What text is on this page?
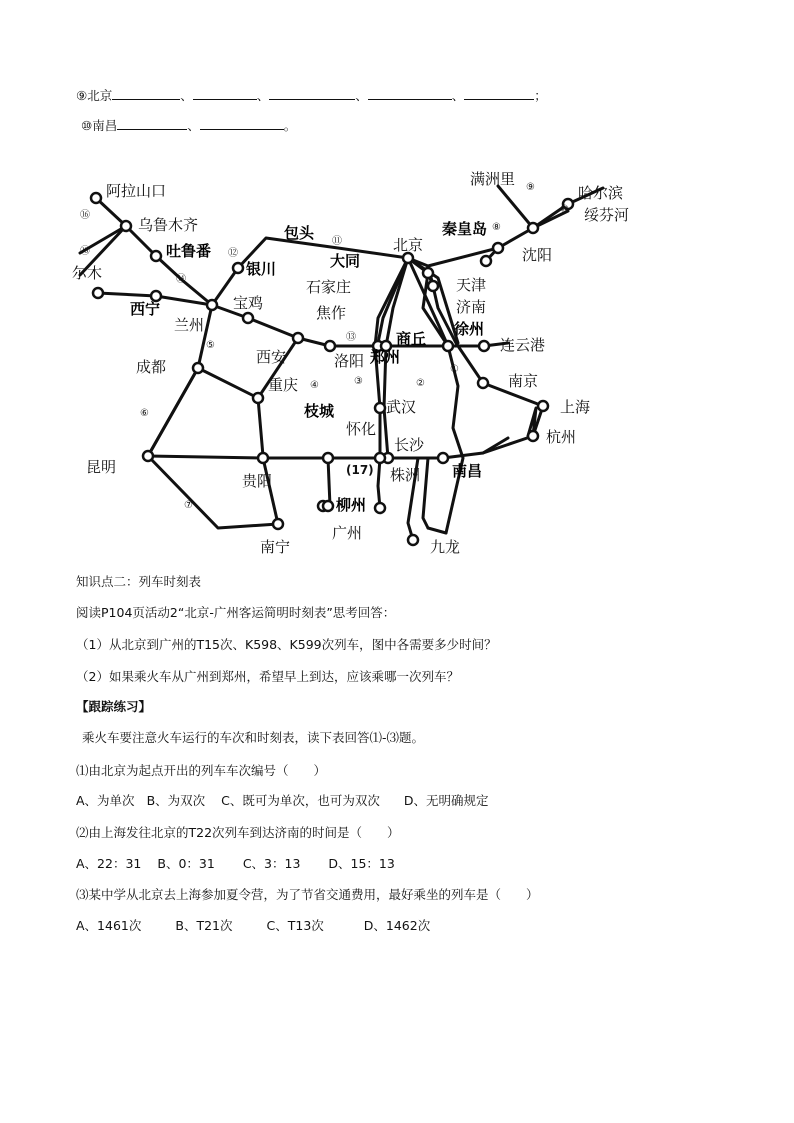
⑨北京	、	、	、	、	；
⑩南昌	、	。
阿拉山口
乌鲁木齐
吐鲁番
尔木
西宁
兰州
宝鸡
银川
包头
大同
北京
秦皇岛
满洲里
哈尔滨
绥芬河
沈阳
天津
石家庄
济南
焦作
商丘
徐州
连云港
西安	洛阳 郑州
成都
重庆
枝城	武汉
南京
上海
杭州
怀化
长沙
昆明
贵阳	株洲 南昌
柳州
广州
南宁	九龙
①
②
③
④
⑤
⑥
⑦
⑧
⑨
⑩
⑪
⑫
⑬
⑭
⑮
⑯
(17)
知识点二：列车时刻表
阅读P104页活动2“北京-广州客运简明时刻表”思考回答：
（1）从北京到广州的T15次、K598、K599次列车，图中各需要多少时间？
（2）如果乘火车从广州到郑州，希望早上到达，应该乘哪一次列车？
【跟踪练习】
乘火车要注意火车运行的车次和时刻表，读下表回答⑴-⑶题。
⑴由北京为起点开出的列车车次编号（　　）
A、为单次 B、为双次 C、既可为单次，也可为双次 D、无明确规定
⑵由上海发往北京的T22次列车到达济南的时间是（　　）
A、22：31 B、0：31 C、3：13 D、15：13
⑶某中学从北京去上海参加夏令营，为了节省交通费用，最好乘坐的列车是（　　）
A、1461次	B、T21次	C、T13次	D、1462次
